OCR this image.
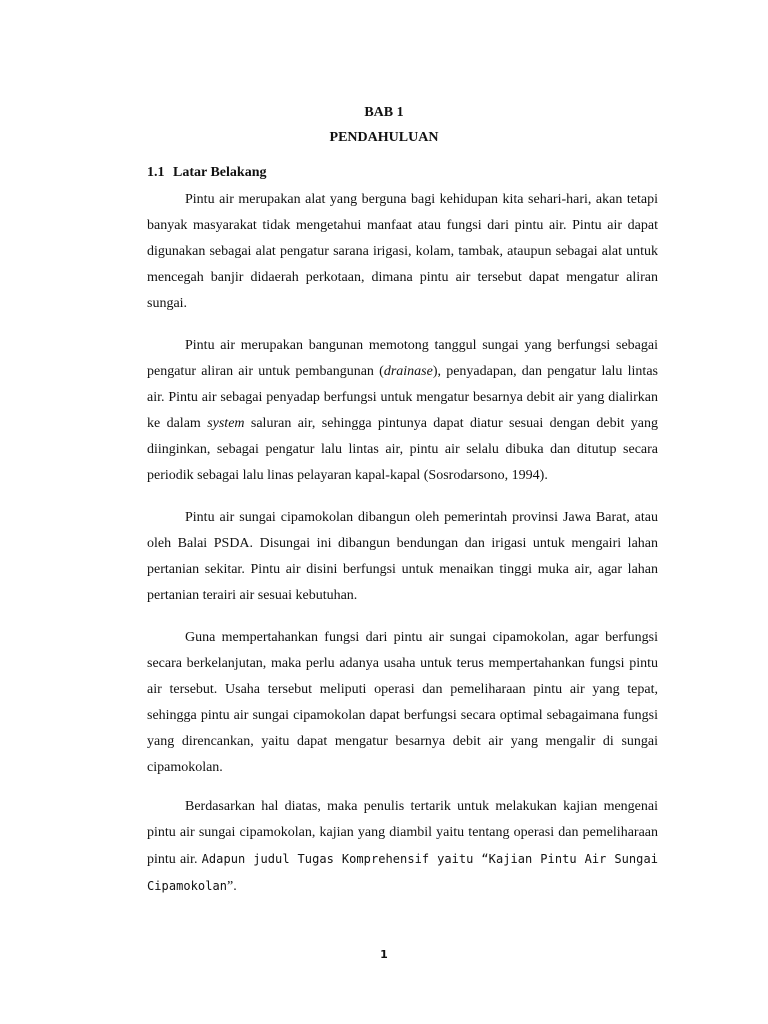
BAB 1
PENDAHULUAN
1.1 Latar Belakang

Pintu air merupakan alat yang berguna bagi kehidupan kita sehari-hari, akan tetapi banyak masyarakat tidak mengetahui manfaat atau fungsi dari pintu air. Pintu air dapat digunakan sebagai alat pengatur sarana irigasi, kolam, tambak, ataupun sebagai alat untuk mencegah banjir didaerah perkotaan, dimana pintu air tersebut dapat mengatur aliran sungai.

Pintu air merupakan bangunan memotong tanggul sungai yang berfungsi sebagai pengatur aliran air untuk pembangunan (drainase), penyadapan, dan pengatur lalu lintas air. Pintu air sebagai penyadap berfungsi untuk mengatur besarnya debit air yang dialirkan ke dalam system saluran air, sehingga pintunya dapat diatur sesuai dengan debit yang diinginkan, sebagai pengatur lalu lintas air, pintu air selalu dibuka dan ditutup secara periodik sebagai lalu linas pelayaran kapal-kapal (Sosrodarsono, 1994).

Pintu air sungai cipamokolan dibangun oleh pemerintah provinsi Jawa Barat, atau oleh Balai PSDA. Disungai ini dibangun bendungan dan irigasi untuk mengairi lahan pertanian sekitar. Pintu air disini berfungsi untuk menaikan tinggi muka air, agar lahan pertanian terairi air sesuai kebutuhan.

Guna mempertahankan fungsi dari pintu air sungai cipamokolan, agar berfungsi secara berkelanjutan, maka perlu adanya usaha untuk terus mempertahankan fungsi pintu air tersebut. Usaha tersebut meliputi operasi dan pemeliharaan pintu air yang tepat, sehingga pintu air sungai cipamokolan dapat berfungsi secara optimal sebagaimana fungsi yang direncankan, yaitu dapat mengatur besarnya debit air yang mengalir di sungai cipamokolan.

Berdasarkan hal diatas, maka penulis tertarik untuk melakukan kajian mengenai pintu air sungai cipamokolan, kajian yang diambil yaitu tentang operasi dan pemeliharaan pintu air. Adapun judul Tugas Komprehensif yaitu “Kajian Pintu Air Sungai Cipamokolan”.

1
